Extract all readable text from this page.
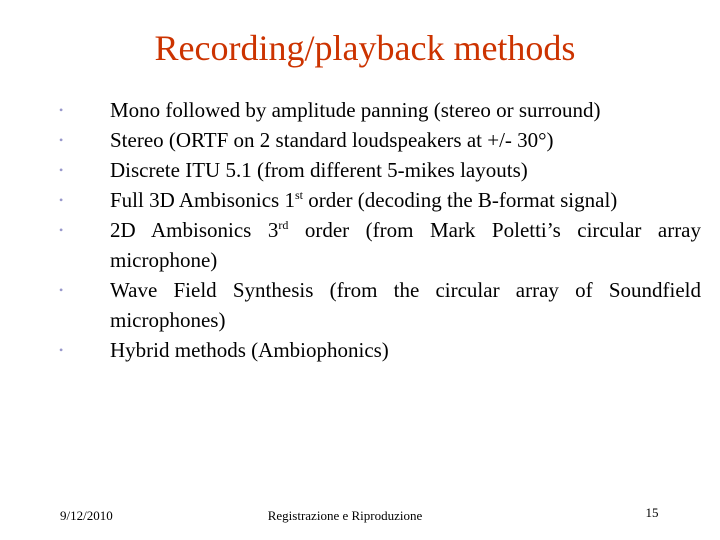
Recording/playback methods
• Mono followed by amplitude panning (stereo or surround)
• Stereo (ORTF on 2 standard loudspeakers at +/- 30°)
• Discrete ITU 5.1 (from different 5-mikes layouts)
• Full 3D Ambisonics 1st order (decoding the B-format signal)
• 2D Ambisonics 3rd order (from Mark Poletti’s circular array microphone)
• Wave Field Synthesis (from the circular array of Soundfield microphones)
• Hybrid methods (Ambiophonics)
9/12/2010	Registrazione e Riproduzione	15
